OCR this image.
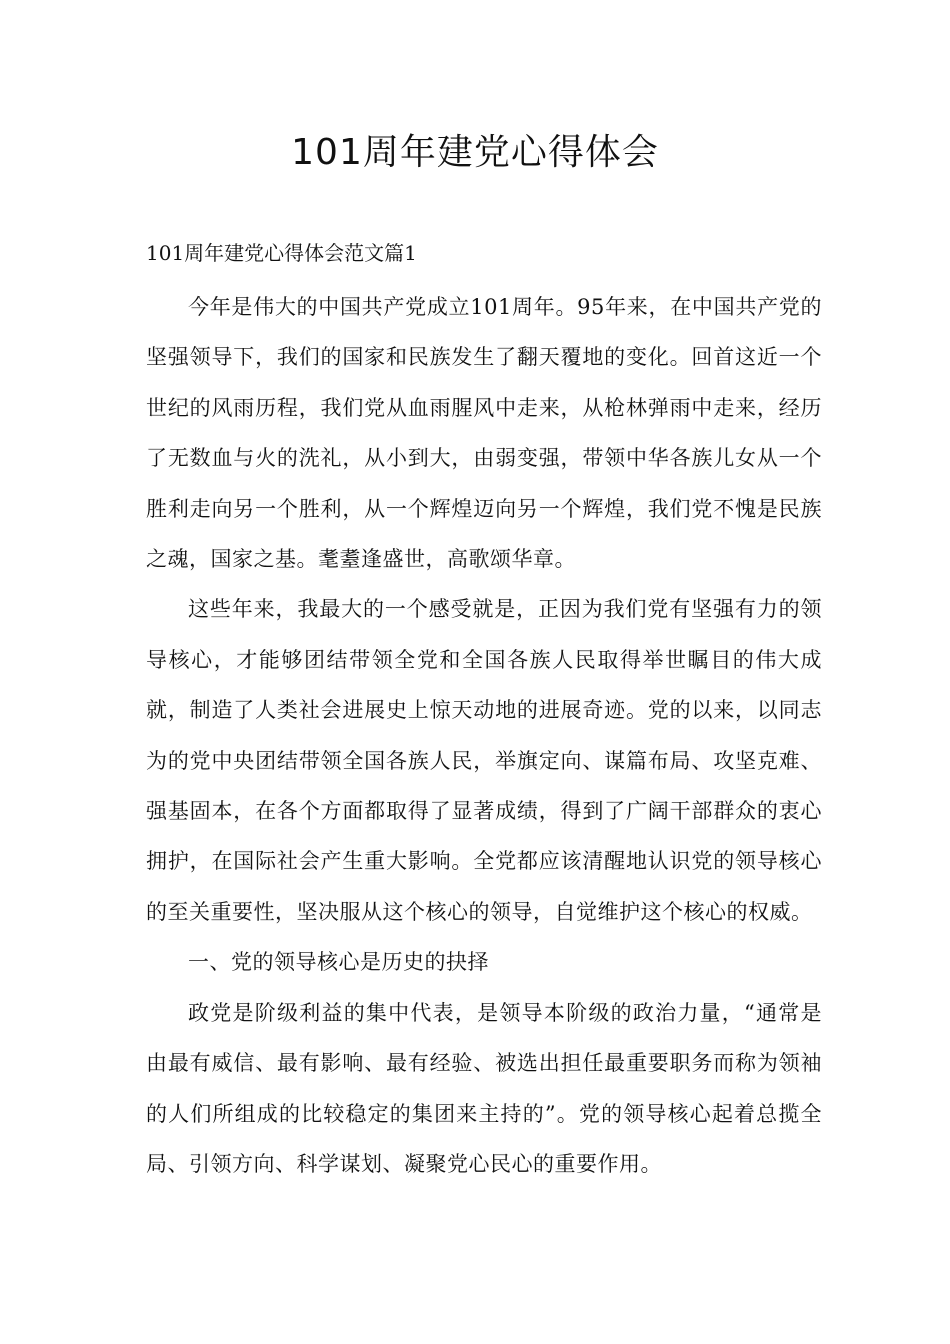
101周年建党心得体会
101周年建党心得体会范文篇1

今年是伟大的中国共产党成立101周年。95年来，在中国共产党的坚强领导下，我们的国家和民族发生了翻天覆地的变化。回首这近一个世纪的风雨历程，我们党从血雨腥风中走来，从枪林弹雨中走来，经历了无数血与火的洗礼，从小到大，由弱变强，带领中华各族儿女从一个胜利走向另一个胜利，从一个辉煌迈向另一个辉煌，我们党不愧是民族之魂，国家之基。耄耋逢盛世，高歌颂华章。

这些年来，我最大的一个感受就是，正因为我们党有坚强有力的领导核心，才能够团结带领全党和全国各族人民取得举世瞩目的伟大成就，制造了人类社会进展史上惊天动地的进展奇迹。党的以来，以同志为的党中央团结带领全国各族人民，举旗定向、谋篇布局、攻坚克难、强基固本，在各个方面都取得了显著成绩，得到了广阔干部群众的衷心拥护，在国际社会产生重大影响。全党都应该清醒地认识党的领导核心的至关重要性，坚决服从这个核心的领导，自觉维护这个核心的权威。

一、党的领导核心是历史的抉择

政党是阶级利益的集中代表，是领导本阶级的政治力量，“通常是由最有威信、最有影响、最有经验、被选出担任最重要职务而称为领袖的人们所组成的比较稳定的集团来主持的”。党的领导核心起着总揽全局、引领方向、科学谋划、凝聚党心民心的重要作用。
